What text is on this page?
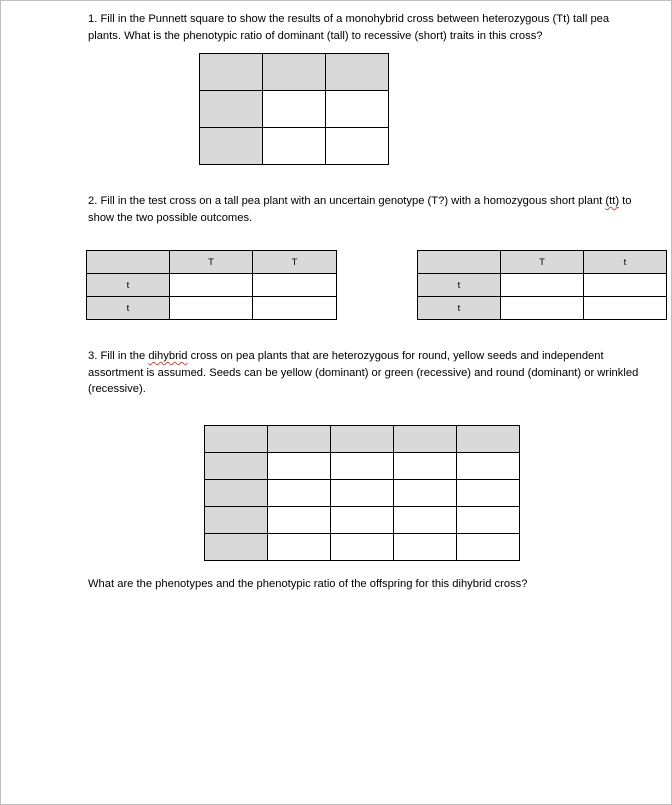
1. Fill in the Punnett square to show the results of a monohybrid cross between heterozygous (Tt) tall pea plants. What is the phenotypic ratio of dominant (tall) to recessive (short) traits in this cross?

2. Fill in the test cross on a tall pea plant with an uncertain genotype (T?) with a homozygous short plant (tt) to show the two possible outcomes.

	T	T
t		
t		
	T	t
t		
t		

3. Fill in the dihybrid cross on pea plants that are heterozygous for round, yellow seeds and independent assortment is assumed. Seeds can be yellow (dominant) or green (recessive) and round (dominant) or wrinkled (recessive).

What are the phenotypes and the phenotypic ratio of the offspring for this dihybrid cross?
